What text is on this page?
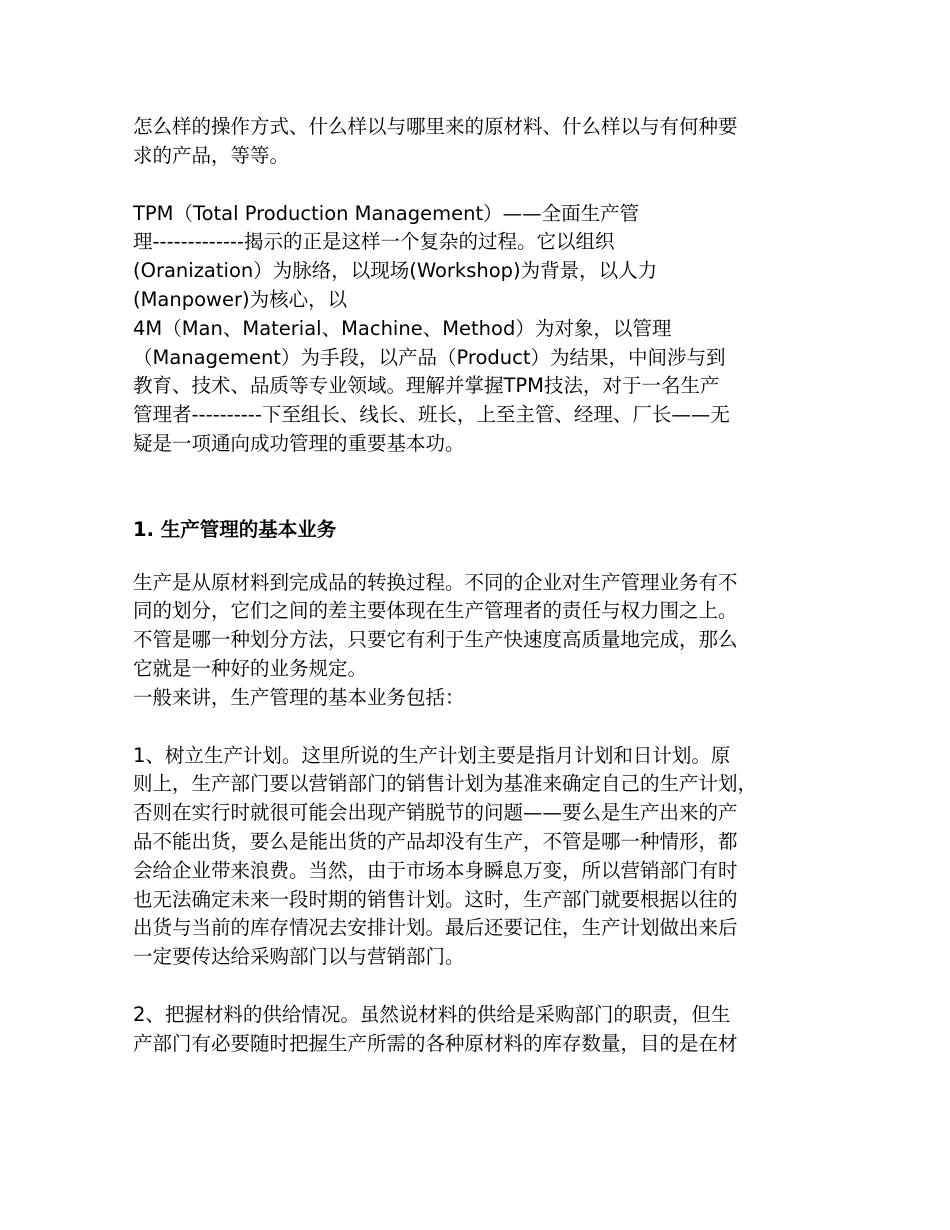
怎么样的操作方式、什么样以与哪里来的原材料、什么样以与有何种要

求的产品，等等。

TPM（Total Production Management）——全面生产管

理-------------揭示的正是这样一个复杂的过程。它以组织

(Oranization）为脉络，以现场(Workshop)为背景，以人力

(Manpower)为核心，以

4M（Man、Material、Machine、Method）为对象，以管理

（Management）为手段，以产品（Product）为结果，中间涉与到

教育、技术、品质等专业领域。理解并掌握TPM技法，对于一名生产

管理者----------下至组长、线长、班长，上至主管、经理、厂长——无

疑是一项通向成功管理的重要基本功。

1. 生产管理的基本业务

生产是从原材料到完成品的转换过程。不同的企业对生产管理业务有不

同的划分，它们之间的差主要体现在生产管理者的责任与权力围之上。

不管是哪一种划分方法，只要它有利于生产快速度高质量地完成，那么

它就是一种好的业务规定。

一般来讲，生产管理的基本业务包括：

1、树立生产计划。这里所说的生产计划主要是指月计划和日计划。原

则上，生产部门要以营销部门的销售计划为基准来确定自己的生产计划，

否则在实行时就很可能会出现产销脱节的问题——要么是生产出来的产

品不能出货，要么是能出货的产品却没有生产，不管是哪一种情形，都

会给企业带来浪费。当然，由于市场本身瞬息万变，所以营销部门有时

也无法确定未来一段时期的销售计划。这时，生产部门就要根据以往的

出货与当前的库存情况去安排计划。最后还要记住，生产计划做出来后

一定要传达给采购部门以与营销部门。

2、把握材料的供给情况。虽然说材料的供给是采购部门的职责，但生

产部门有必要随时把握生产所需的各种原材料的库存数量，目的是在材
